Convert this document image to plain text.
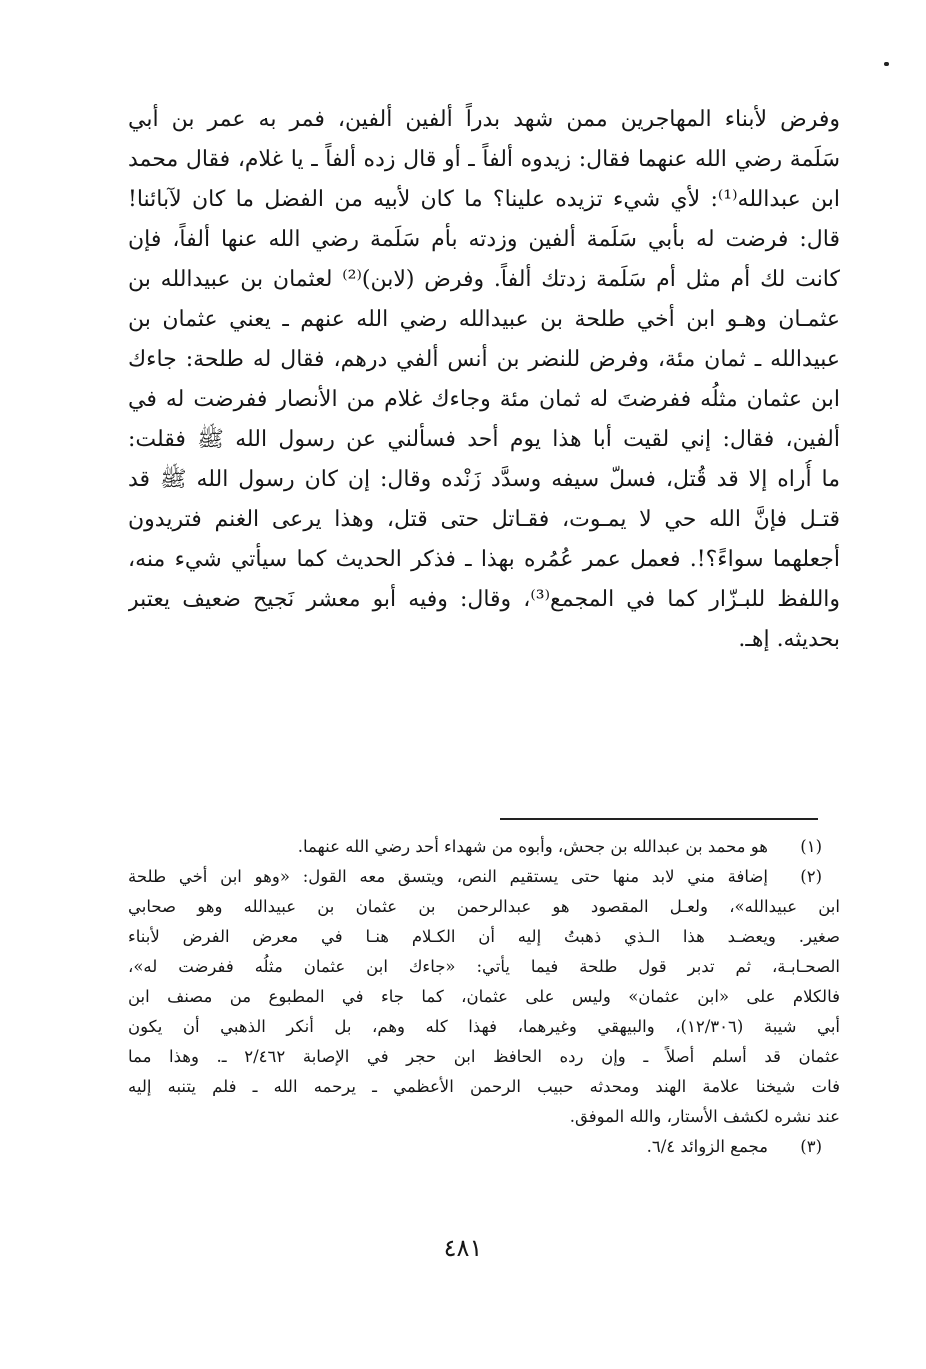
وفرض لأبناء المهاجرين ممن شهد بدراً ألفين ألفين، فمر به عمر بن أبي
سَلَمة رضي الله عنهما فقال: زيدوه ألفاً ـ أو قال زده ألفاً ـ يا غلام، فقال محمد
ابن عبدالله⁽¹⁾: لأي شيء تزيده علينا؟ ما كان لأبيه من الفضل ما كان لآبائنا!
قال: فرضت له بأبي سَلَمة ألفين وزدته بأم سَلَمة رضي الله عنها ألفاً، فإن
كانت لك أم مثل أم سَلَمة زدتك ألفاً. وفرض (لابن)⁽²⁾ لعثمان بن عبيدالله بن
عثمـان وهـو ابن أخي طلحة بن عبيدالله رضي الله عنهم ـ يعني عثمان بن
عبيدالله ـ ثمان مئة، وفرض للنضر بن أنس ألفي درهم، فقال له طلحة: جاءك
ابن عثمان مثلُه ففرضتَ له ثمان مئة وجاءك غلام من الأنصار ففرضت له في
ألفين، فقال: إني لقيت أبا هذا يوم أحد فسألني عن رسول الله ﷺ فقلت:
ما أُراه إلا قد قُتل، فسلّ سيفه وسدَّد زَنْده وقال: إن كان رسول الله ﷺ قد
قتـل فإنَّ الله حي لا يمـوت، فقـاتل حتى قتل، وهذا يرعى الغنم فتريدون
أجعلهما سواءً؟!. فعمل عمر عُمُره بهذا ـ فذكر الحديث كما سيأتي شيء منه،
واللفظ للبـزّار كما في المجمع⁽³⁾، وقال: وفيه أبو معشر نَجيح ضعيف يعتبر
بحديثه. إهـ.
(١)
هو محمد بن عبدالله بن جحش، وأبوه من شهداء أحد رضي الله عنهما.
(٢)
إضافة مني لابد منها حتى يستقيم النص، ويتسق معه القول: «وهو ابن أخي طلحة
ابن عبيدالله»، ولعـل المقصود هو عبدالرحمن بن عثمان بن عبيدالله وهو صحابي
صغير. ويعضـد هذا الـذي ذهبتُ إليه أن الكـلام هنـا في معرض الفرض لأبناء
الصحـابـة، ثم تدبر قول طلحة فيما يأتي: «جاءك ابن عثمان مثلُه ففرضت له»،
فالكلام على «ابن عثمان» وليس على عثمان، كما جاء في المطبوع من مصنف ابن
أبي شيبة (١٢/٣٠٦)، والبيهقي وغيرهما، فهذا كله وهم، بل أنكر الذهبي أن يكون
عثمان قد أسلم أصلاً ـ وإن رده الحافظ ابن حجر في الإصابة ٢/٤٦٢ ـ. وهذا مما
فات شيخنا علامة الهند ومحدثه حبيب الرحمن الأعظمي ـ يرحمه الله ـ فلم يتنبه إليه
عند نشره لكشف الأستار، والله الموفق.
(٣)
مجمع الزوائد ٦/٤.
٤٨١
